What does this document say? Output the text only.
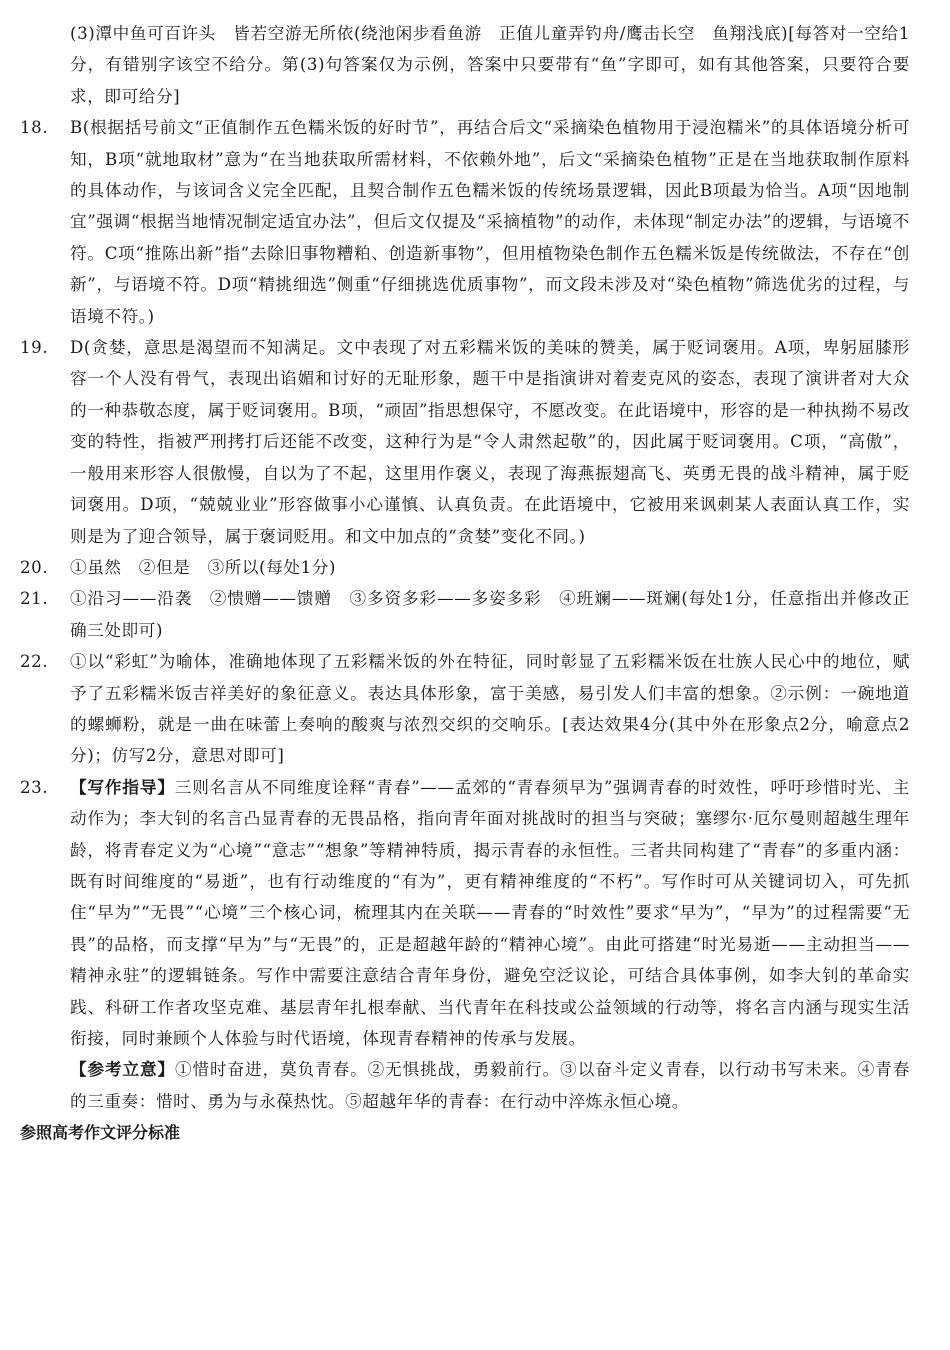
(3)潭中鱼可百许头　皆若空游无所依(绕池闲步看鱼游　正值儿童弄钓舟/鹰击长空　鱼翔浅底)[每答对一空给1分，有错别字该空不给分。第(3)句答案仅为示例，答案中只要带有“鱼”字即可，如有其他答案，只要符合要求，即可给分]

18. B(根据括号前文“正值制作五色糯米饭的好时节”，再结合后文“采摘染色植物用于浸泡糯米”的具体语境分析可知，B项“就地取材”意为“在当地获取所需材料，不依赖外地”，后文“采摘染色植物”正是在当地获取制作原料的具体动作，与该词含义完全匹配，且契合制作五色糯米饭的传统场景逻辑，因此B项最为恰当。A项“因地制宜”强调“根据当地情况制定适宜办法”，但后文仅提及“采摘植物”的动作，未体现“制定办法”的逻辑，与语境不符。C项“推陈出新”指“去除旧事物糟粕、创造新事物”，但用植物染色制作五色糯米饭是传统做法，不存在“创新”，与语境不符。D项“精挑细选”侧重“仔细挑选优质事物”，而文段未涉及对“染色植物”筛选优劣的过程，与语境不符。)
19. D(贪婪，意思是渴望而不知满足。文中表现了对五彩糯米饭的美味的赞美，属于贬词褒用。A项，卑躬屈膝形容一个人没有骨气，表现出谄媚和讨好的无耻形象，题干中是指演讲对着麦克风的姿态，表现了演讲者对大众的一种恭敬态度，属于贬词褒用。B项，“顽固”指思想保守，不愿改变。在此语境中，形容的是一种执拗不易改变的特性，指被严刑拷打后还能不改变，这种行为是“令人肃然起敬”的，因此属于贬词褒用。C项，“高傲”，一般用来形容人很傲慢，自以为了不起，这里用作褒义，表现了海燕振翅高飞、英勇无畏的战斗精神，属于贬词褒用。D项，“兢兢业业”形容做事小心谨慎、认真负责。在此语境中，它被用来讽刺某人表面认真工作，实则是为了迎合领导，属于褒词贬用。和文中加点的“贪婪”变化不同。)
20. ①虽然　②但是　③所以(每处1分)
21. ①沿习——沿袭　②愦赠——馈赠　③多资多彩——多姿多彩　④班斓——斑斓(每处1分，任意指出并修改正确三处即可)
22. ①以“彩虹”为喻体，准确地体现了五彩糯米饭的外在特征，同时彰显了五彩糯米饭在壮族人民心中的地位，赋予了五彩糯米饭吉祥美好的象征意义。表达具体形象，富于美感，易引发人们丰富的想象。②示例：一碗地道的螺蛳粉，就是一曲在味蕾上奏响的酸爽与浓烈交织的交响乐。[表达效果4分(其中外在形象点2分，喻意点2分)；仿写2分，意思对即可]
23. 【写作指导】三则名言从不同维度诠释“青春”——孟郊的“青春须早为”强调青春的时效性，呼吁珍惜时光、主动作为；李大钊的名言凸显青春的无畏品格，指向青年面对挑战时的担当与突破；塞缪尔·厄尔曼则超越生理年龄，将青春定义为“心境”“意志”“想象”等精神特质，揭示青春的永恒性。三者共同构建了“青春”的多重内涵：既有时间维度的“易逝”，也有行动维度的“有为”，更有精神维度的“不朽”。写作时可从关键词切入，可先抓住“早为”“无畏”“心境”三个核心词，梳理其内在关联——青春的“时效性”要求“早为”，“早为”的过程需要“无畏”的品格，而支撑“早为”与“无畏”的，正是超越年龄的“精神心境”。由此可搭建“时光易逝——主动担当——精神永驻”的逻辑链条。写作中需要注意结合青年身份，避免空泛议论，可结合具体事例，如李大钊的革命实践、科研工作者攻坚克难、基层青年扎根奉献、当代青年在科技或公益领域的行动等，将名言内涵与现实生活衔接，同时兼顾个人体验与时代语境，体现青春精神的传承与发展。
【参考立意】①惜时奋进，莫负青春。②无惧挑战，勇毅前行。③以奋斗定义青春，以行动书写未来。④青春的三重奏：惜时、勇为与永葆热忱。⑤超越年华的青春：在行动中淬炼永恒心境。
参照高考作文评分标准
